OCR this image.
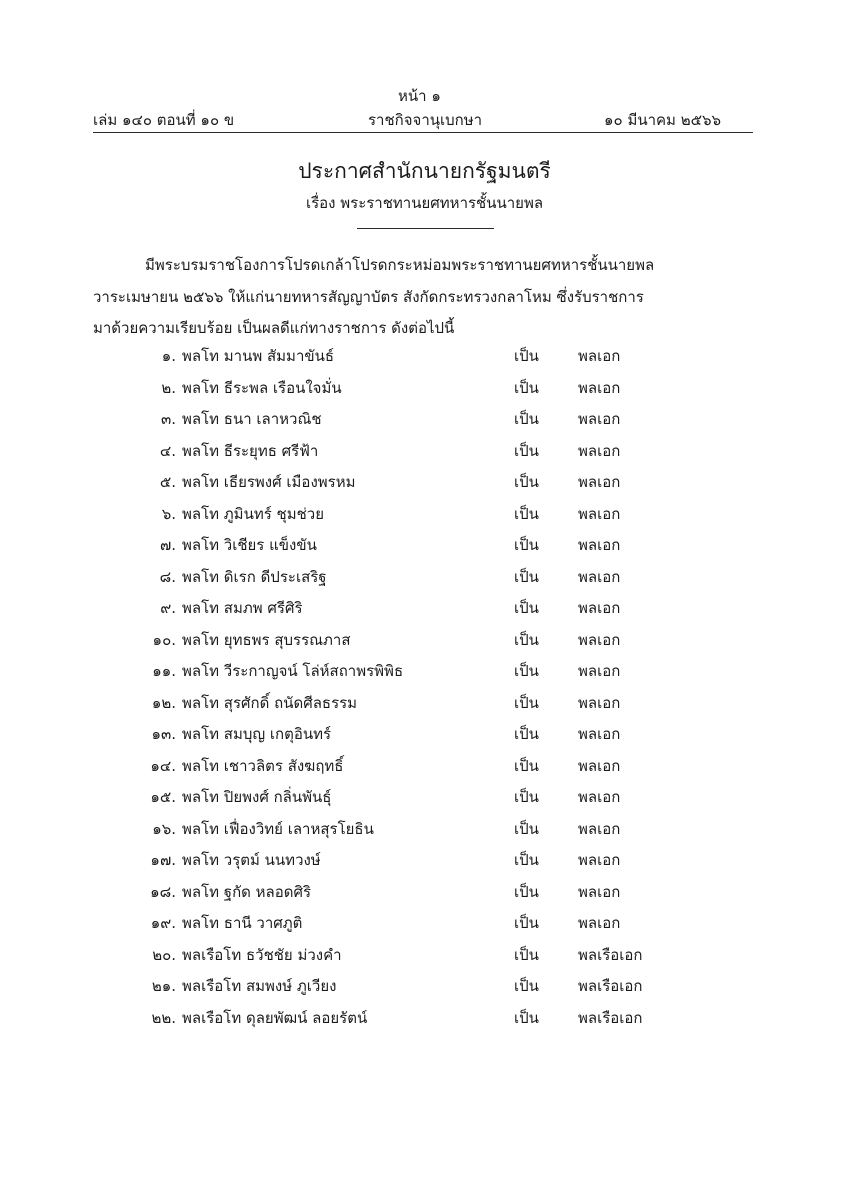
หน้า ๑
เล่ม ๑๔๐ ตอนที่ ๑๐ ข	ราชกิจจานุเบกษา	๑๐ มีนาคม ๒๕๖๖
ประกาศสำนักนายกรัฐมนตรี
เรื่อง พระราชทานยศทหารชั้นนายพล
มีพระบรมราชโองการโปรดเกล้าโปรดกระหม่อมพระราชทานยศทหารชั้นนายพล
วาระเมษายน ๒๕๖๖ ให้แก่นายทหารสัญญาบัตร สังกัดกระทรวงกลาโหม ซึ่งรับราชการ
มาด้วยความเรียบร้อย เป็นผลดีแก่ทางราชการ ดังต่อไปนี้
๑. พลโท มานพ สัมมาขันธ์	เป็น	พลเอก
๒. พลโท ธีระพล เรือนใจมั่น	เป็น	พลเอก
๓. พลโท ธนา เลาหวณิช	เป็น	พลเอก
๔. พลโท ธีระยุทธ ศรีฟ้า	เป็น	พลเอก
๕. พลโท เธียรพงศ์ เมืองพรหม	เป็น	พลเอก
๖. พลโท ภูมินทร์ ชุมช่วย	เป็น	พลเอก
๗. พลโท วิเชียร แข็งขัน	เป็น	พลเอก
๘. พลโท ดิเรก ดีประเสริฐ	เป็น	พลเอก
๙. พลโท สมภพ ศรีศิริ	เป็น	พลเอก
๑๐. พลโท ยุทธพร สุบรรณภาส	เป็น	พลเอก
๑๑. พลโท วีระกาญจน์ โล่ห์สถาพรพิพิธ	เป็น	พลเอก
๑๒. พลโท สุรศักดิ์ ถนัดศีลธรรม	เป็น	พลเอก
๑๓. พลโท สมบุญ เกตุอินทร์	เป็น	พลเอก
๑๔. พลโท เชาวลิตร สังฆฤทธิ์	เป็น	พลเอก
๑๕. พลโท ปิยพงศ์ กลิ่นพันธุ์	เป็น	พลเอก
๑๖. พลโท เฟื่องวิทย์ เลาหสุรโยธิน	เป็น	พลเอก
๑๗. พลโท วรุตม์ นนทวงษ์	เป็น	พลเอก
๑๘. พลโท ฐกัด หลอดศิริ	เป็น	พลเอก
๑๙. พลโท ธานี วาศภูติ	เป็น	พลเอก
๒๐. พลเรือโท ธวัชชัย ม่วงคำ	เป็น	พลเรือเอก
๒๑. พลเรือโท สมพงษ์ ภูเวียง	เป็น	พลเรือเอก
๒๒. พลเรือโท ดุลยพัฒน์ ลอยรัตน์	เป็น	พลเรือเอก
